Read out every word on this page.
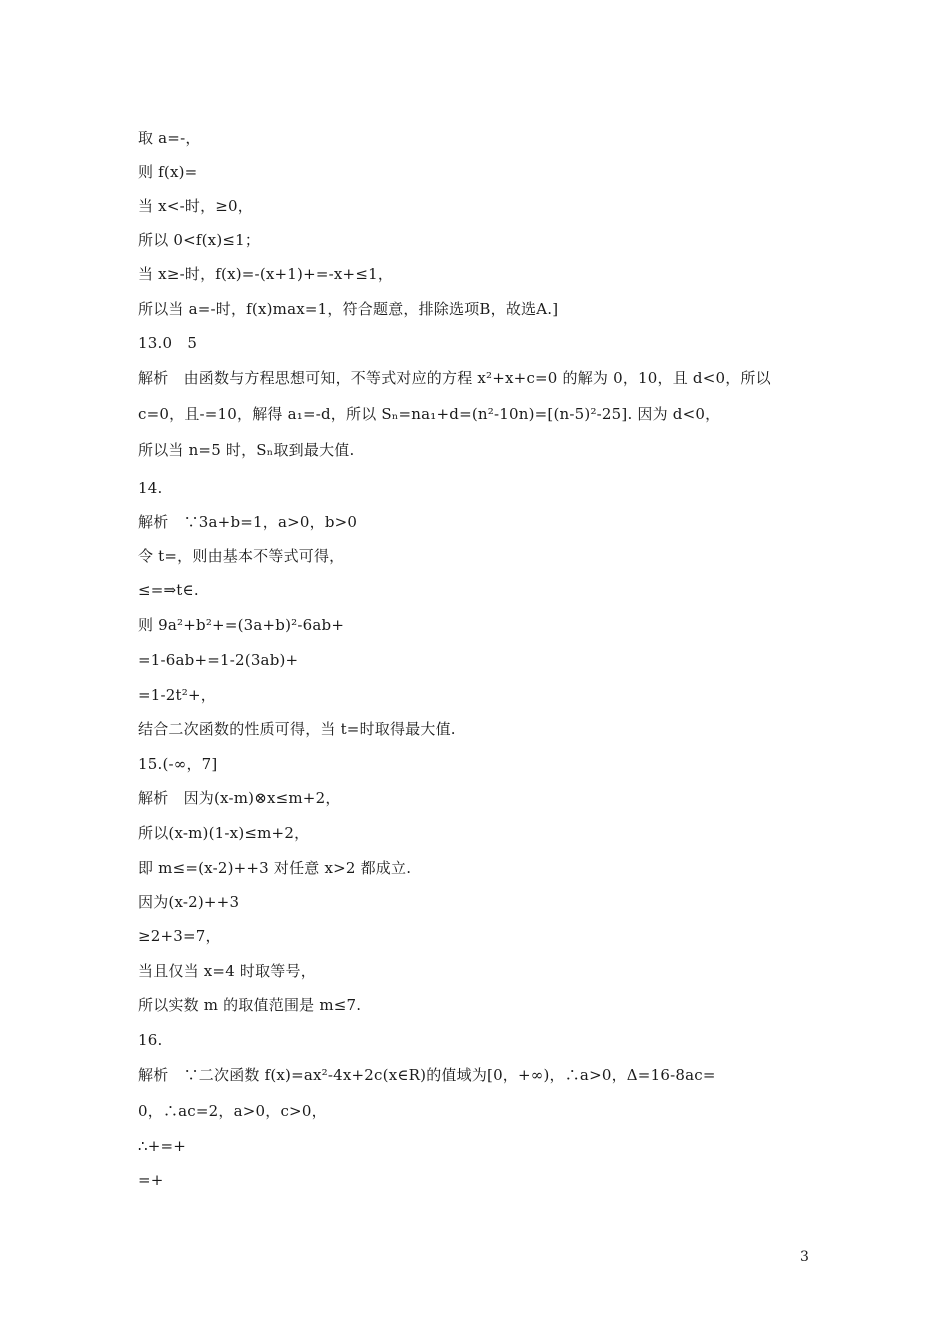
取 a=-，
则 f(x)=
当 x<-时，≥0，
所以 0<f(x)≤1；
当 x≥-时，f(x)=-(x+1)+=-x+≤1，
所以当 a=-时，f(x)max=1，符合题意，排除选项B，故选A.]
13.0　5
解析　由函数与方程思想可知，不等式对应的方程 x²+x+c=0 的解为 0，10，且 d<0，所以
c=0，且-=10，解得 a₁=-d，所以 Sₙ=na₁+d=(n²-10n)=[(n-5)²-25]. 因为 d<0，
所以当 n=5 时，Sₙ取到最大值.
14.
解析　∵3a+b=1，a>0，b>0
令 t=，则由基本不等式可得，
≤=⇒t∈.
则 9a²+b²+=(3a+b)²-6ab+
=1-6ab+=1-2(3ab)+
=1-2t²+，
结合二次函数的性质可得，当 t=时取得最大值.
15.(-∞，7]
解析　因为(x-m)⊗x≤m+2，
所以(x-m)(1-x)≤m+2，
即 m≤=(x-2)++3 对任意 x>2 都成立.
因为(x-2)++3
≥2+3=7，
当且仅当 x=4 时取等号，
所以实数 m 的取值范围是 m≤7.
16.
解析　∵二次函数 f(x)=ax²-4x+2c(x∈R)的值域为[0，+∞)，∴a>0，Δ=16-8ac=
0，∴ac=2，a>0，c>0，
∴+=+
=+
3
